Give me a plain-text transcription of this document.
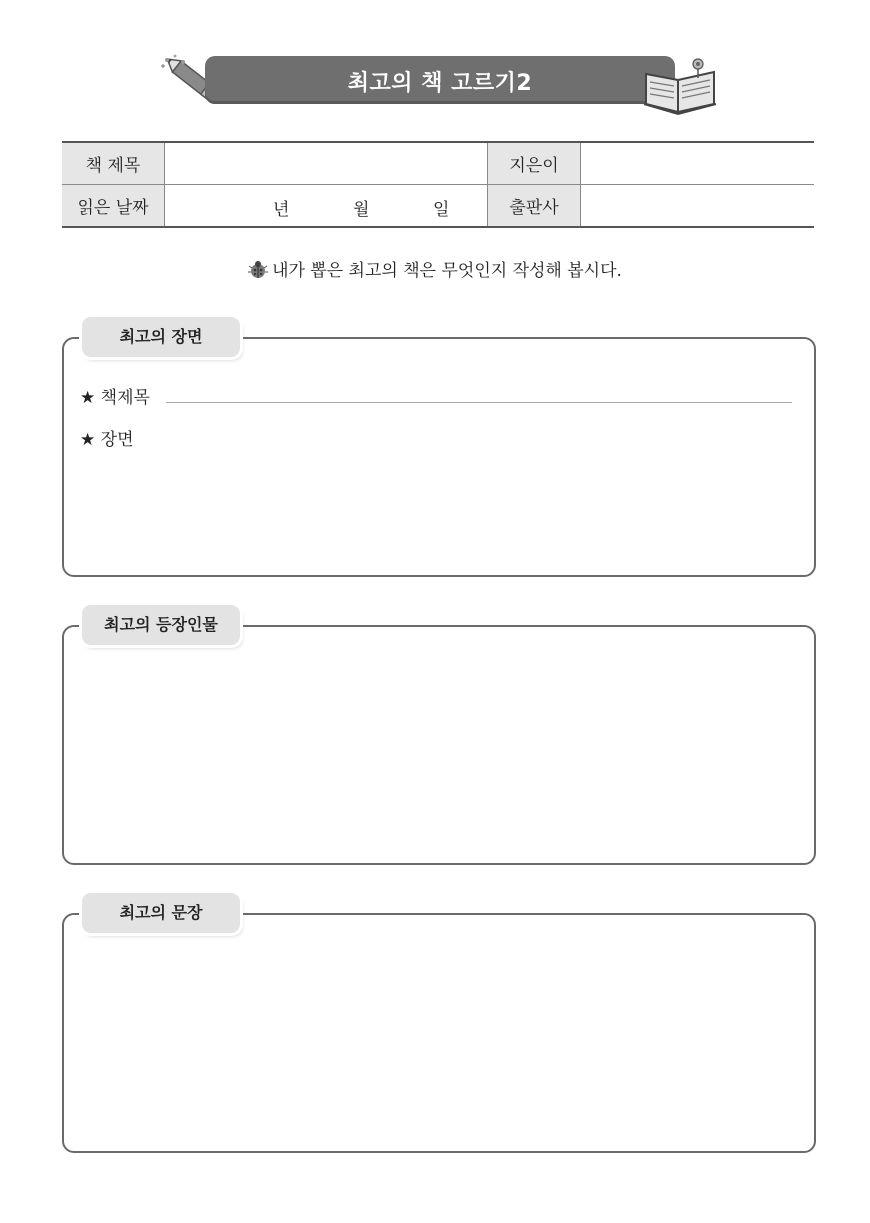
최고의 책 고르기2
책 제목		지은이	
읽은 날짜	년 월 일	출판사	
내가 뽑은 최고의 책은 무엇인지 작성해 봅시다.
최고의 장면
★ 책제목
★ 장면
최고의 등장인물
최고의 문장
